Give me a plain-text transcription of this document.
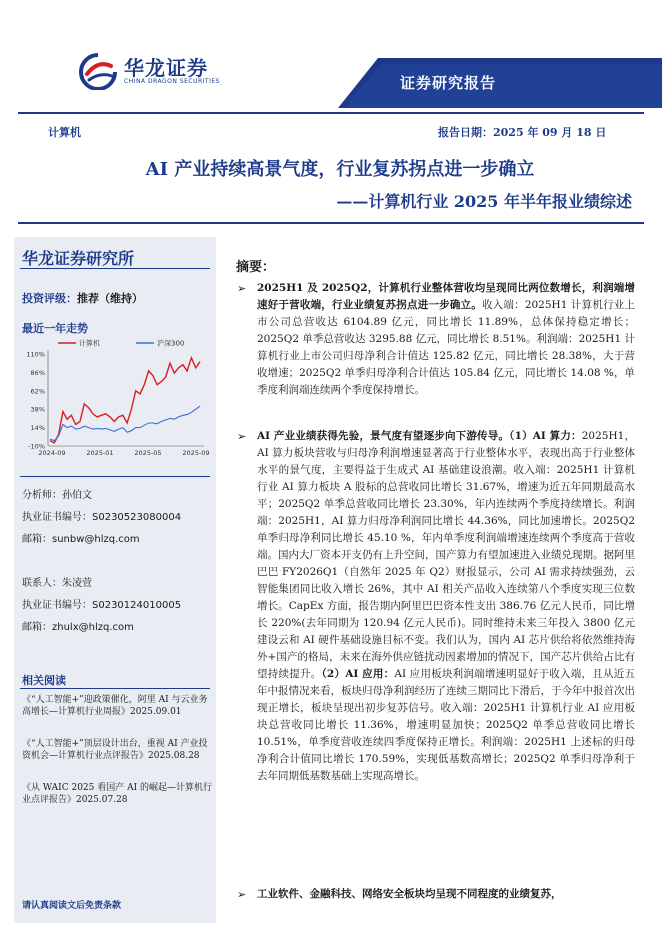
华龙证券
CHINA DRAGON SECURITIES	证券研究报告
计算机	报告日期：2025 年 09 月 18 日
AI 产业持续高景气度，行业复苏拐点进一步确立
——计算机行业 2025 年半年报业绩综述
华龙证券研究所
投资评级：推荐（维持）
最近一年走势
110%
86%
62%
38%
14%
-10%
2024-09	2025-01	2025-05	2025-09
计算机	沪深300
分析师：孙伯文
执业证书编号：S0230523080004
邮箱：sunbw@hlzq.com
联系人：朱凌萱
执业证书编号：S0230124010005
邮箱：zhulx@hlzq.com
相关阅读
《“人工智能+”迎政策催化，阿里 AI 与云业务高增长—计算机行业周报》2025.09.01
《“人工智能+”顶层设计出台，重视 AI 产业投资机会—计算机行业点评报告》2025.08.28
《从 WAIC 2025 看国产 AI 的崛起—计算机行业点评报告》2025.07.28
请认真阅读文后免责条款
摘要：
➢ 2025H1 及 2025Q2，计算机行业整体营收均呈现同比两位数增长，利润端增速好于营收端，行业业绩复苏拐点进一步确立。收入端：2025H1 计算机行业上市公司总营收达 6104.89 亿元，同比增长 11.89%，总体保持稳定增长；2025Q2 单季总营收达 3295.88 亿元，同比增长 8.51%。利润端：2025H1 计算机行业上市公司归母净利合计值达 125.82 亿元，同比增长 28.38%，大于营收增速；2025Q2 单季归母净利合计值达 105.84 亿元，同比增长 14.08 %，单季度利润端连续两个季度保持增长。
➢ AI 产业业绩获得先验，景气度有望逐步向下游传导。（1）AI 算力：2025H1，AI 算力板块营收与归母净利润增速显著高于行业整体水平，表现出高于行业整体水平的景气度，主要得益于生成式 AI 基础建设浪潮。收入端：2025H1 计算机行业 AI 算力板块 A 股标的总营收同比增长 31.67%，增速为近五年同期最高水平；2025Q2 单季总营收同比增长 23.30%，年内连续两个季度持续增长。利润端：2025H1，AI 算力归母净利润同比增长 44.36%，同比加速增长。2025Q2 单季归母净利同比增长 45.10 %，年内单季度利润端增速连续两个季度高于营收端。国内大厂资本开支仍有上升空间，国产算力有望加速进入业绩兑现期。据阿里巴巴 FY2026Q1（自然年 2025 年 Q2）财报显示，公司 AI 需求持续强劲，云智能集团同比收入增长 26%，其中 AI 相关产品收入连续第八个季度实现三位数增长。CapEx 方面，报告期内阿里巴巴资本性支出 386.76 亿元人民币，同比增长 220%(去年同期为 120.94 亿元人民币)。同时维持未来三年投入 3800 亿元建设云和 AI 硬件基础设施目标不变。我们认为，国内 AI 芯片供给将依然维持海外+国产的格局，未来在海外供应链扰动因素增加的情况下，国产芯片供给占比有望持续提升。（2）AI 应用：AI 应用板块利润端增速明显好于收入端，且从近五年中报情况来看，板块归母净利润经历了连续三期同比下滑后，于今年中报首次出现正增长，板块呈现出初步复苏信号。收入端：2025H1 计算机行业 AI 应用板块总营收同比增长 11.36%，增速明显加快；2025Q2 单季总营收同比增长 10.51%，单季度营收连续四季度保持正增长。利润端：2025H1 上述标的归母净利合计值同比增长 170.59%，实现低基数高增长；2025Q2 单季归母净利于去年同期低基数基础上实现高增长。
➢ 工业软件、金融科技、网络安全板块均呈现不同程度的业绩复苏，
